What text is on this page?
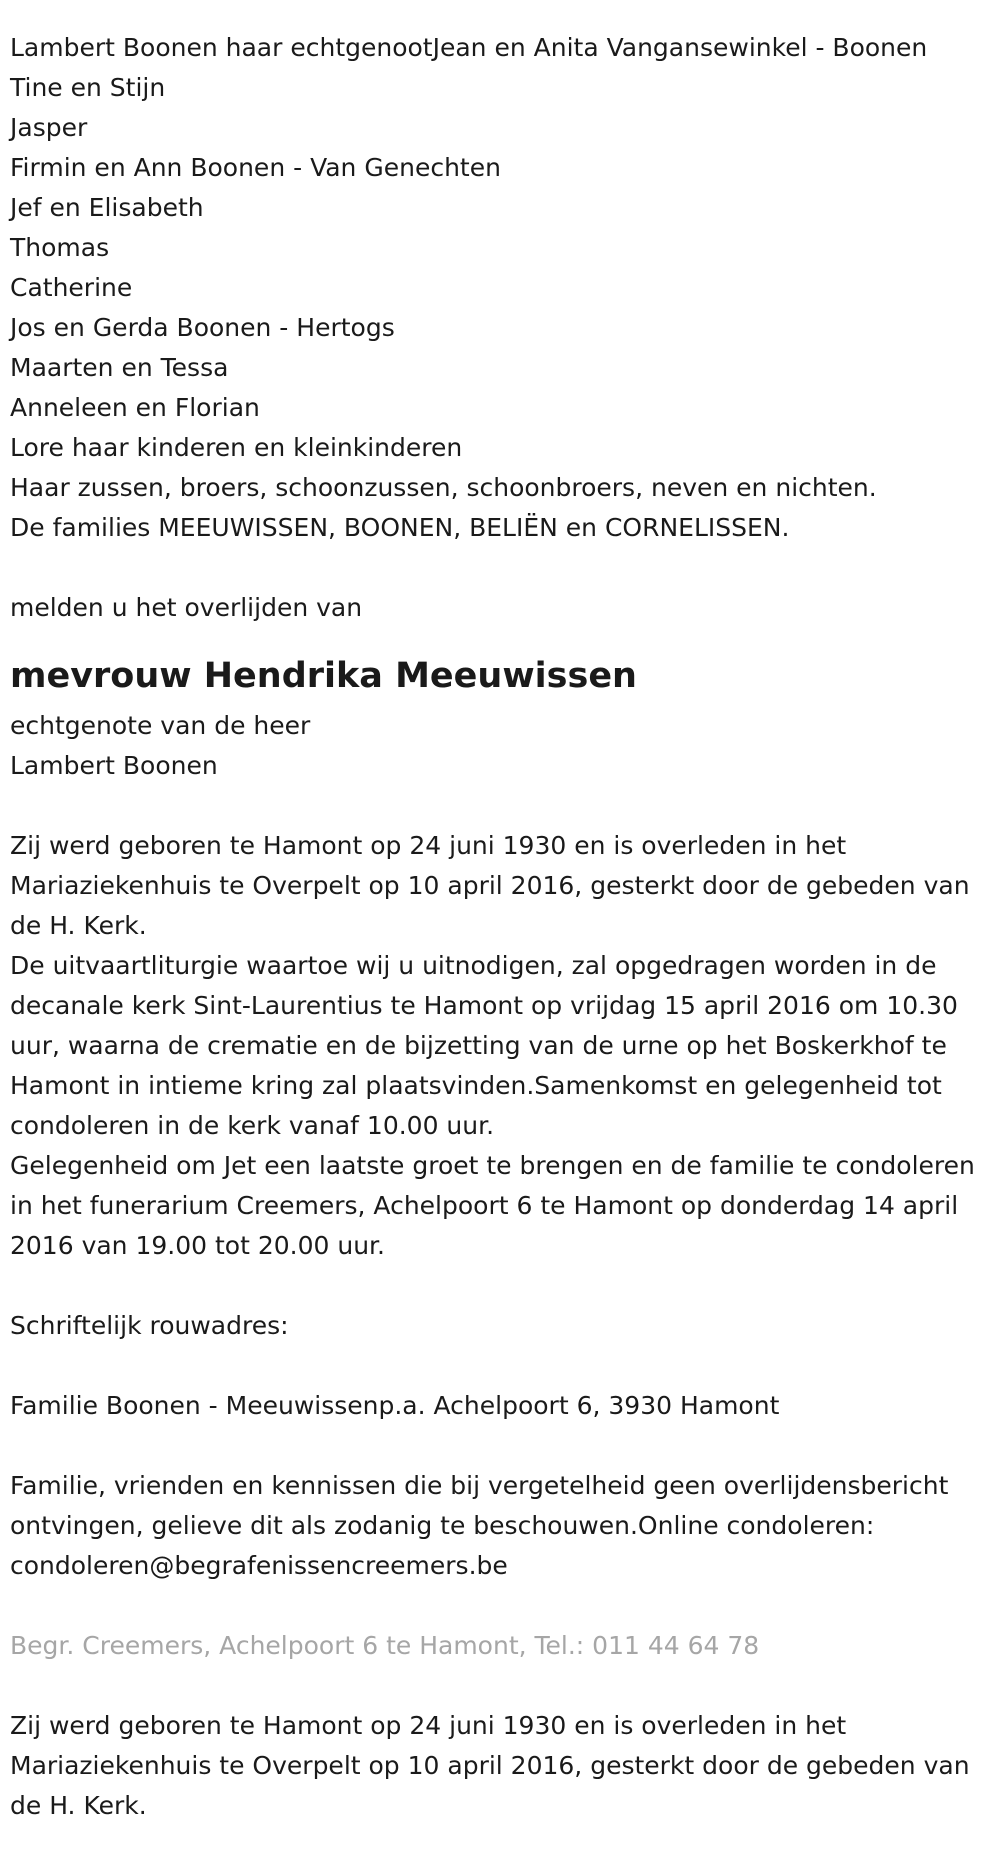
Lambert Boonen haar echtgenootJean en Anita Vangansewinkel - Boonen
Tine en Stijn
Jasper
Firmin en Ann Boonen - Van Genechten
Jef en Elisabeth
Thomas
Catherine
Jos en Gerda Boonen - Hertogs
Maarten en Tessa
Anneleen en Florian
Lore haar kinderen en kleinkinderen
Haar zussen, broers, schoonzussen, schoonbroers, neven en nichten.
De families MEEUWISSEN, BOONEN, BELIËN en CORNELISSEN.
melden u het overlijden van
mevrouw Hendrika Meeuwissen
echtgenote van de heer
Lambert Boonen
Zij werd geboren te Hamont op 24 juni 1930 en is overleden in het Mariaziekenhuis te Overpelt op 10 april 2016, gesterkt door de gebeden van de H. Kerk.
De uitvaartliturgie waartoe wij u uitnodigen, zal opgedragen worden in de decanale kerk Sint-Laurentius te Hamont op vrijdag 15 april 2016 om 10.30 uur, waarna de crematie en de bijzetting van de urne op het Boskerkhof te Hamont in intieme kring zal plaatsvinden.Samenkomst en gelegenheid tot condoleren in de kerk vanaf 10.00 uur.
Gelegenheid om Jet een laatste groet te brengen en de familie te condoleren in het funerarium Creemers, Achelpoort 6 te Hamont op donderdag 14 april 2016 van 19.00 tot 20.00 uur.
Schriftelijk rouwadres:
Familie Boonen - Meeuwissenp.a. Achelpoort 6, 3930 Hamont
Familie, vrienden en kennissen die bij vergetelheid geen overlijdensbericht ontvingen, gelieve dit als zodanig te beschouwen.Online condoleren: condoleren@begrafenissencreemers.be
Begr. Creemers, Achelpoort 6 te Hamont, Tel.: 011 44 64 78
Zij werd geboren te Hamont op 24 juni 1930 en is overleden in het Mariaziekenhuis te Overpelt op 10 april 2016, gesterkt door de gebeden van de H. Kerk.
